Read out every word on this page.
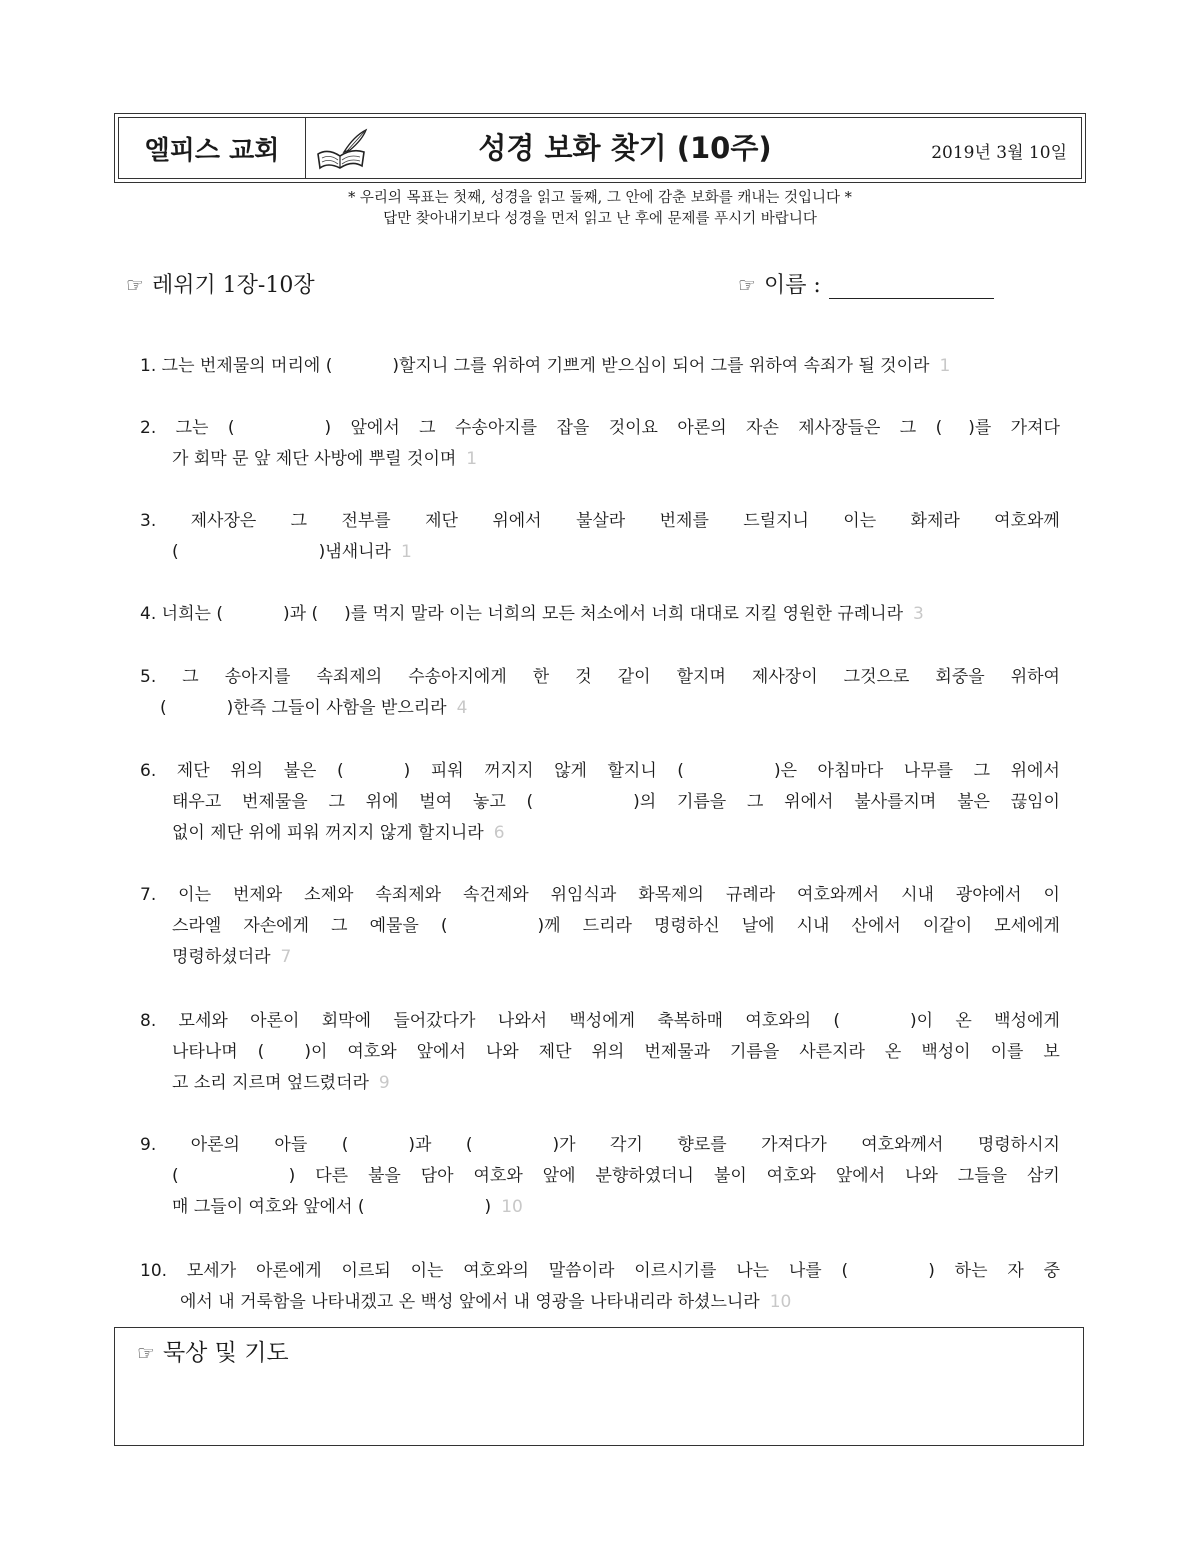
엘피스 교회	성경 보화 찾기 (10주)	2019년 3월 10일
* 우리의 목표는 첫째, 성경을 읽고 둘째, 그 안에 감춘 보화를 캐내는 것입니다 *
답만 찾아내기보다 성경을 먼저 읽고 난 후에 문제를 푸시기 바랍니다
☞ 레위기 1장-10장	☞ 이름 :
1.
그는
번제물의
머리에
(	)할지니
그를
위하여
기쁘게
받으심이
되어
그를
위하여
속죄가
될
것이라 1
2. 그는 (	) 앞에서 그 수송아지를 잡을 것이요 아론의 자손 제사장들은 그 ( )를 가져다
가
회막
문
앞
제단
사방에
뿌릴
것이며 1
3. 제사장은 그 전부를 제단 위에서 불살라 번제를 드릴지니 이는 화제라 여호와께
(	)냄새니라 1
4.
너희는
(	)과
( )를
먹지
말라
이는
너희의
모든
처소에서
너희
대대로
지킬
영원한
규례니라 3
5. 그 송아지를 속죄제의 수송아지에게 한 것 같이 할지며 제사장이 그것으로 회중을 위하여
(	)한즉
그들이
사함을
받으리라 4
6. 제단 위의 불은 (	) 피워 꺼지지 않게 할지니 (	)은 아침마다 나무를 그 위에서
태우고 번제물을 그 위에 벌여 놓고 (	)의 기름을 그 위에서 불사를지며 불은 끊임이
없이
제단
위에
피워
꺼지지
않게
할지니라 6
7. 이는 번제와 소제와 속죄제와 속건제와 위임식과 화목제의 규례라 여호와께서 시내 광야에서 이
스라엘 자손에게 그 예물을 (	)께 드리라 명령하신 날에 시내 산에서 이같이 모세에게
명령하셨더라 7
8. 모세와 아론이 회막에 들어갔다가 나와서 백성에게 축복하매 여호와의 (	)이 온 백성에게
나타나며 ( )이 여호와 앞에서 나와 제단 위의 번제물과 기름을 사른지라 온 백성이 이를 보
고
소리
지르며
엎드렸더라 9
9. 아론의 아들 (	)과 (	)가 각기 향로를 가져다가 여호와께서 명령하시지
(	) 다른 불을 담아 여호와 앞에 분향하였더니 불이 여호와 앞에서 나와 그들을 삼키
매
그들이
여호와
앞에서
(	) 10
10. 모세가 아론에게 이르되 이는 여호와의 말씀이라 이르시기를 나는 나를 (	) 하는 자 중
에서
내
거룩함을
나타내겠고
온
백성
앞에서
내
영광을
나타내리라
하셨느니라 10
☞ 묵상 및 기도
